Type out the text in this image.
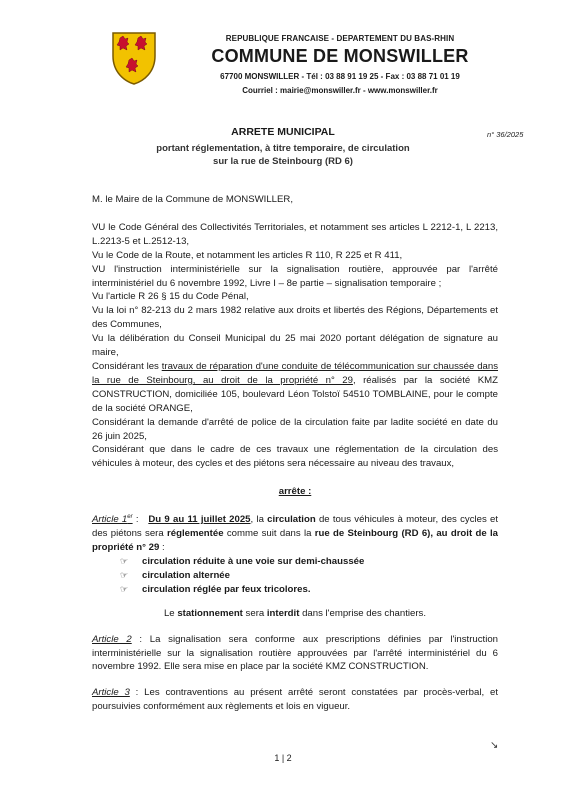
REPUBLIQUE FRANCAISE - DEPARTEMENT DU BAS-RHIN
COMMUNE DE MONSWILLER
67700 MONSWILLER - Tél : 03 88 91 19 25 - Fax : 03 88 71 01 19
Courriel : mairie@monswiller.fr - www.monswiller.fr
ARRETE MUNICIPAL	n° 36/2025
portant réglementation, à titre temporaire, de circulation
sur la rue de Steinbourg (RD 6)

M. le Maire de la Commune de MONSWILLER,

VU le Code Général des Collectivités Territoriales, et notamment ses articles L 2212-1, L 2213, L.2213-5 et L.2512-13,

Vu le Code de la Route, et notamment les articles R 110, R 225 et R 411,

VU l'instruction interministérielle sur la signalisation routière, approuvée par l'arrêté interministériel du 6 novembre 1992, Livre I – 8e partie – signalisation temporaire ;

Vu l'article R 26 § 15 du Code Pénal,

Vu la loi n° 82-213 du 2 mars 1982 relative aux droits et libertés des Régions, Départements et des Communes,

Vu la délibération du Conseil Municipal du 25 mai 2020 portant délégation de signature au maire,

Considérant les travaux de réparation d'une conduite de télécommunication sur chaussée dans la rue de Steinbourg, au droit de la propriété n° 29, réalisés par la société KMZ CONSTRUCTION, domiciliée 105, boulevard Léon Tolstoï 54510 TOMBLAINE, pour le compte de la société ORANGE,

Considérant la demande d'arrêté de police de la circulation faite par ladite société en date du 26 juin 2025,

Considérant que dans le cadre de ces travaux une réglementation de la circulation des véhicules à moteur, des cycles et des piétons sera nécessaire au niveau des travaux,

arrête :

Article 1er : Du 9 au 11 juillet 2025, la circulation de tous véhicules à moteur, des cycles et des piétons sera réglementée comme suit dans la rue de Steinbourg (RD 6), au droit de la propriété n° 29 :

☞ circulation réduite à une voie sur demi-chaussée
☞ circulation alternée
☞ circulation réglée par feux tricolores.

Le stationnement sera interdit dans l'emprise des chantiers.

Article 2 : La signalisation sera conforme aux prescriptions définies par l'instruction interministérielle sur la signalisation routière approuvées par l'arrêté interministériel du 6 novembre 1992. Elle sera mise en place par la société KMZ CONSTRUCTION.

Article 3 : Les contraventions au présent arrêté seront constatées par procès-verbal, et poursuivies conformément aux règlements et lois en vigueur.

↘
1 | 2
